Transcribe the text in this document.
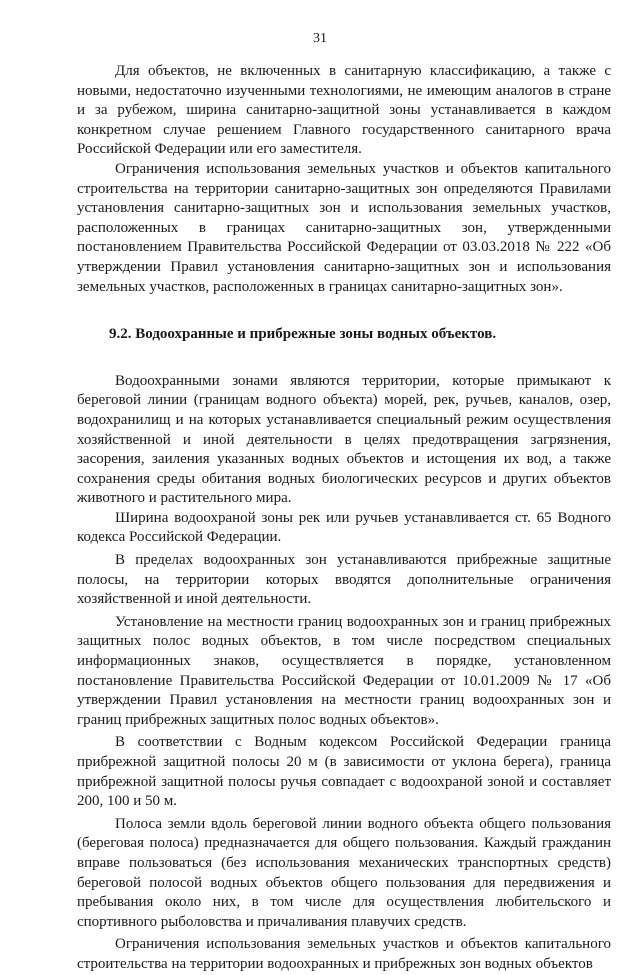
31

Для объектов, не включенных в санитарную классификацию, а также с новыми, недостаточно изученными технологиями, не имеющим аналогов в стране и за рубежом, ширина санитарно-защитной зоны устанавливается в каждом конкретном случае решением Главного государственного санитарного врача Российской Федерации или его заместителя.

Ограничения использования земельных участков и объектов капитального строительства на территории санитарно-защитных зон определяются Правилами установления санитарно-защитных зон и использования земельных участков, расположенных в границах санитарно-защитных зон, утвержденными постановлением Правительства Российской Федерации от 03.03.2018 № 222 «Об утверждении Правил установления санитарно-защитных зон и использования земельных участков, расположенных в границах санитарно-защитных зон».

9.2. Водоохранные и прибрежные зоны водных объектов.

Водоохранными зонами являются территории, которые примыкают к береговой линии (границам водного объекта) морей, рек, ручьев, каналов, озер, водохранилищ и на которых устанавливается специальный режим осуществления хозяйственной и иной деятельности в целях предотвращения загрязнения, засорения, заиления указанных водных объектов и истощения их вод, а также сохранения среды обитания водных биологических ресурсов и других объектов животного и растительного мира.

Ширина водоохраной зоны рек или ручьев устанавливается ст. 65 Водного кодекса Российской Федерации.

В пределах водоохранных зон устанавливаются прибрежные защитные полосы, на территории которых вводятся дополнительные ограничения хозяйственной и иной деятельности.

Установление на местности границ водоохранных зон и границ прибрежных защитных полос водных объектов, в том числе посредством специальных информационных знаков, осуществляется в порядке, установленном постановление Правительства Российской Федерации от 10.01.2009 № 17 «Об утверждении Правил установления на местности границ водоохранных зон и границ прибрежных защитных полос водных объектов».

В соответствии с Водным кодексом Российской Федерации граница прибрежной защитной полосы 20 м (в зависимости от уклона берега), граница прибрежной защитной полосы ручья совпадает с водоохраной зоной и составляет 200, 100 и 50 м.

Полоса земли вдоль береговой линии водного объекта общего пользования (береговая полоса) предназначается для общего пользования. Каждый гражданин вправе пользоваться (без использования механических транспортных средств) береговой полосой водных объектов общего пользования для передвижения и пребывания около них, в том числе для осуществления любительского и спортивного рыболовства и причаливания плавучих средств.

Ограничения использования земельных участков и объектов капитального строительства на территории водоохранных и прибрежных зон водных объектов
